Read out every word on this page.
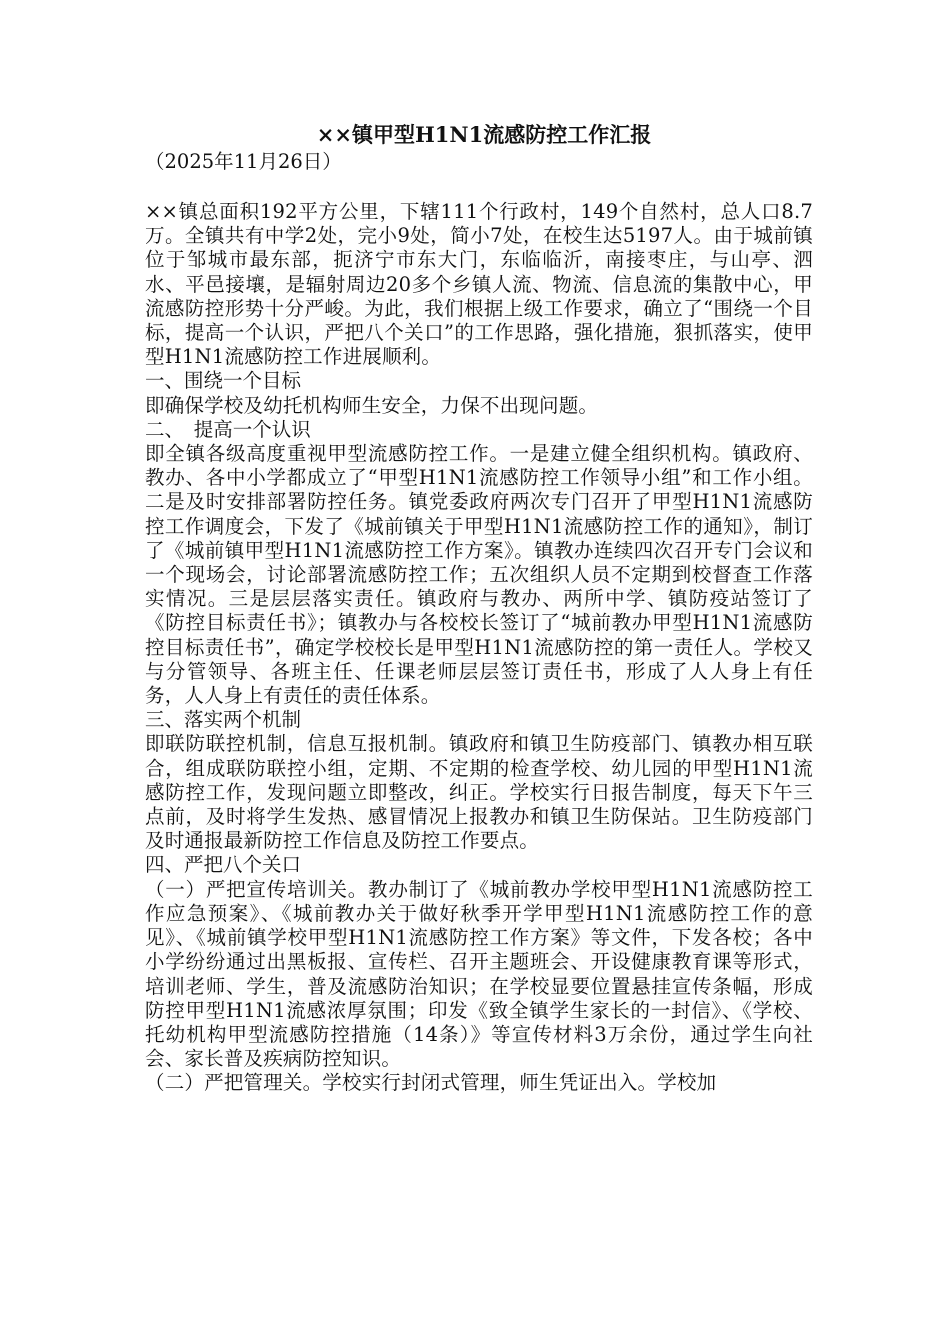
××镇甲型H1N1流感防控工作汇报

（2025年11月26日）

××镇总面积192平方公里，下辖111个行政村，149个自然村，总人口8.7万。全镇共有中学2处，完小9处，简小7处，在校生达5197人。由于城前镇位于邹城市最东部，扼济宁市东大门，东临临沂，南接枣庄，与山亭、泗水、平邑接壤，是辐射周边20多个乡镇人流、物流、信息流的集散中心，甲流感防控形势十分严峻。为此，我们根据上级工作要求，确立了“围绕一个目标，提高一个认识，严把八个关口”的工作思路，强化措施，狠抓落实，使甲型H1N1流感防控工作进展顺利。

一、围绕一个目标

即确保学校及幼托机构师生安全，力保不出现问题。

二、　提高一个认识

即全镇各级高度重视甲型流感防控工作。一是建立健全组织机构。镇政府、教办、各中小学都成立了“甲型H1N1流感防控工作领导小组”和工作小组。二是及时安排部署防控任务。镇党委政府两次专门召开了甲型H1N1流感防控工作调度会，下发了《城前镇关于甲型H1N1流感防控工作的通知》，制订了《城前镇甲型H1N1流感防控工作方案》。镇教办连续四次召开专门会议和一个现场会，讨论部署流感防控工作；五次组织人员不定期到校督查工作落实情况。三是层层落实责任。镇政府与教办、两所中学、镇防疫站签订了《防控目标责任书》；镇教办与各校校长签订了“城前教办甲型H1N1流感防控目标责任书”，确定学校校长是甲型H1N1流感防控的第一责任人。学校又与分管领导、各班主任、任课老师层层签订责任书，形成了人人身上有任务，人人身上有责任的责任体系。

三、落实两个机制

即联防联控机制，信息互报机制。镇政府和镇卫生防疫部门、镇教办相互联合，组成联防联控小组，定期、不定期的检查学校、幼儿园的甲型H1N1流感防控工作，发现问题立即整改，纠正。学校实行日报告制度，每天下午三点前，及时将学生发热、感冒情况上报教办和镇卫生防保站。卫生防疫部门及时通报最新防控工作信息及防控工作要点。

四、严把八个关口

（一）严把宣传培训关。教办制订了《城前教办学校甲型H1N1流感防控工作应急预案》、《城前教办关于做好秋季开学甲型H1N1流感防控工作的意见》、《城前镇学校甲型H1N1流感防控工作方案》等文件，下发各校；各中小学纷纷通过出黑板报、宣传栏、召开主题班会、开设健康教育课等形式，培训老师、学生，普及流感防治知识；在学校显要位置悬挂宣传条幅，形成防控甲型H1N1流感浓厚氛围；印发《致全镇学生家长的一封信》、《学校、托幼机构甲型流感防控措施（14条）》等宣传材料3万余份，通过学生向社会、家长普及疾病防控知识。

（二）严把管理关。学校实行封闭式管理，师生凭证出入。学校加
